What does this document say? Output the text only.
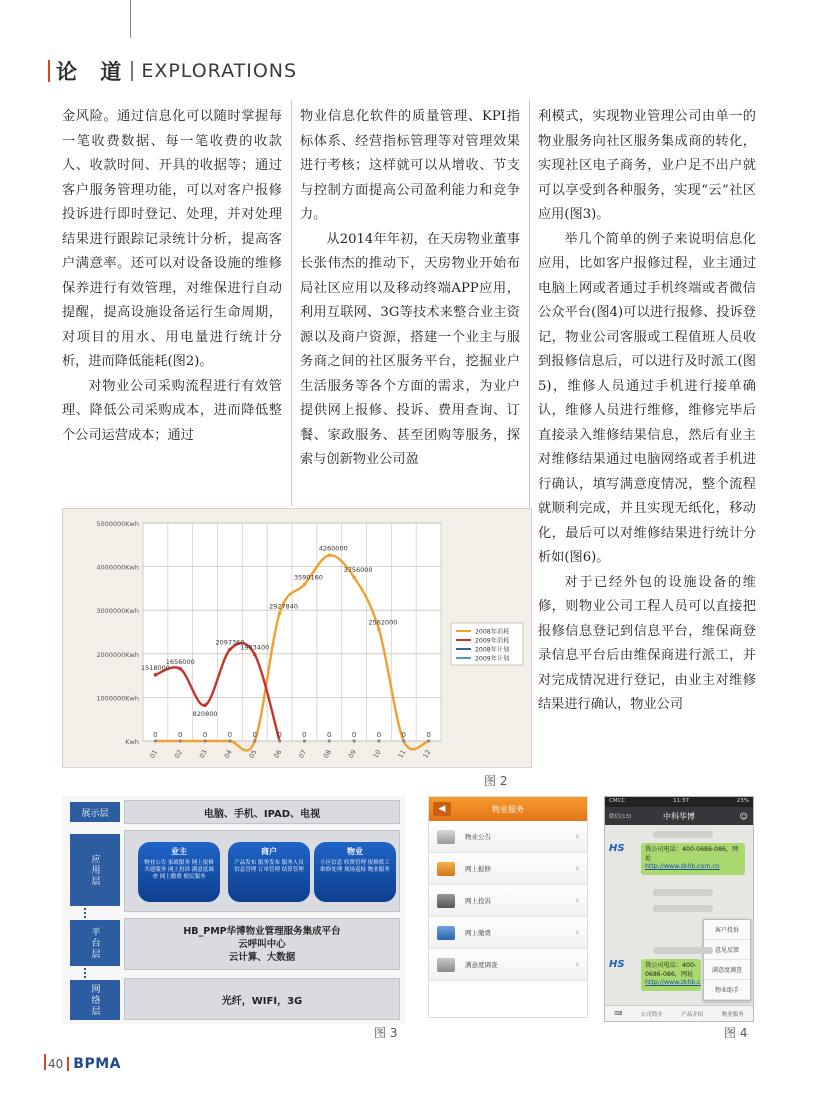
论 道 EXPLORATIONS

金风险。通过信息化可以随时掌握每一笔收费数据、每一笔收费的收款人、收款时间、开具的收据等；通过客户服务管理功能，可以对客户报修投诉进行即时登记、处理，并对处理结果进行跟踪记录统计分析，提高客户满意率。还可以对设备设施的维修保养进行有效管理，对维保进行自动提醒，提高设施设备运行生命周期，对项目的用水、用电量进行统计分析，进而降低能耗(图2)。

对物业公司采购流程进行有效管理、降低公司采购成本，进而降低整个公司运营成本；通过

物业信息化软件的质量管理、KPI指标体系、经营指标管理等对管理效果进行考核；这样就可以从增收、节支与控制方面提高公司盈利能力和竞争力。

从2014年年初，在天房物业董事长张伟杰的推动下，天房物业开始布局社区应用以及移动终端APP应用，利用互联网、3G等技术来整合业主资源以及商户资源，搭建一个业主与服务商之间的社区服务平台，挖掘业户生活服务等各个方面的需求，为业户提供网上报修、投诉、费用查询、订餐、家政服务、甚至团购等服务，探索与创新物业公司盈

利模式，实现物业管理公司由单一的物业服务向社区服务集成商的转化，实现社区电子商务，业户足不出户就可以享受到各种服务，实现“云”社区应用(图3)。

举几个简单的例子来说明信息化应用，比如客户报修过程，业主通过电脑上网或者通过手机终端或者微信公众平台(图4)可以进行报修、投诉登记，物业公司客服或工程值班人员收到报修信息后，可以进行及时派工(图5)，维修人员通过手机进行接单确认，维修人员进行维修，维修完毕后直接录入维修结果信息，然后有业主对维修结果通过电脑网络或者手机进行确认，填写满意度情况，整个流程就顺利完成，并且实现无纸化，移动化，最后可以对维修结果进行统计分析如(图6)。

对于已经外包的设施设备的维修，则物业公司工程人员可以直接把报修信息登记到信息平台，维保商登录信息平台后由维保商进行派工，并对完成情况进行登记，由业主对维修结果进行确认，物业公司

5000000Kwh
4000000Kwh
3000000Kwh
2000000Kwh
1000000Kwh
Kwh
01 02 03 04 05 06 07 08 09 10 11 12
0	0	0	0	0	0	0	0	0	0	0	0
1518000
1656000
820800
2097360
1983400
2927840
3590160
4260000
3756000
2562000
2008年消耗
2009年消耗
2008年计划
2009年计划
图 2
展示层	电脑、手机、IPAD、电视
应用层
业主
物业公告 家政服务 网上报修 共建服务 网上投诉 满意度调查 网上缴费 便民服务
商户
产品发布 服务发布 服务人员 信息管理 订单管理 结算管理
物业
小区信息 收费管理 报修派工 维修处理 现场巡检 物业服务
平台层	HB_PMP华博物业管理服务集成平台
云呼叫中心
云计算、大数据
网络层	光纤，WIFI，3G
图 3
◀	物业服务
物业公告	›
网上报修	›
网上投诉	›
网上缴费	›
满意度调查	›
CMCC	11:37	23%
微信(13)	中科华博	☺
HS	我公司电话：400-0686-086，网址
http://www.zkhb.com.cn
客户投诉
意见反馈
满意度调查
物业助手
HS	我公司电话：400-0686-086，网址
http://www.zkhb.c
⌨	公司简介	产品介绍	物业服务
图 4
40 BPMA
